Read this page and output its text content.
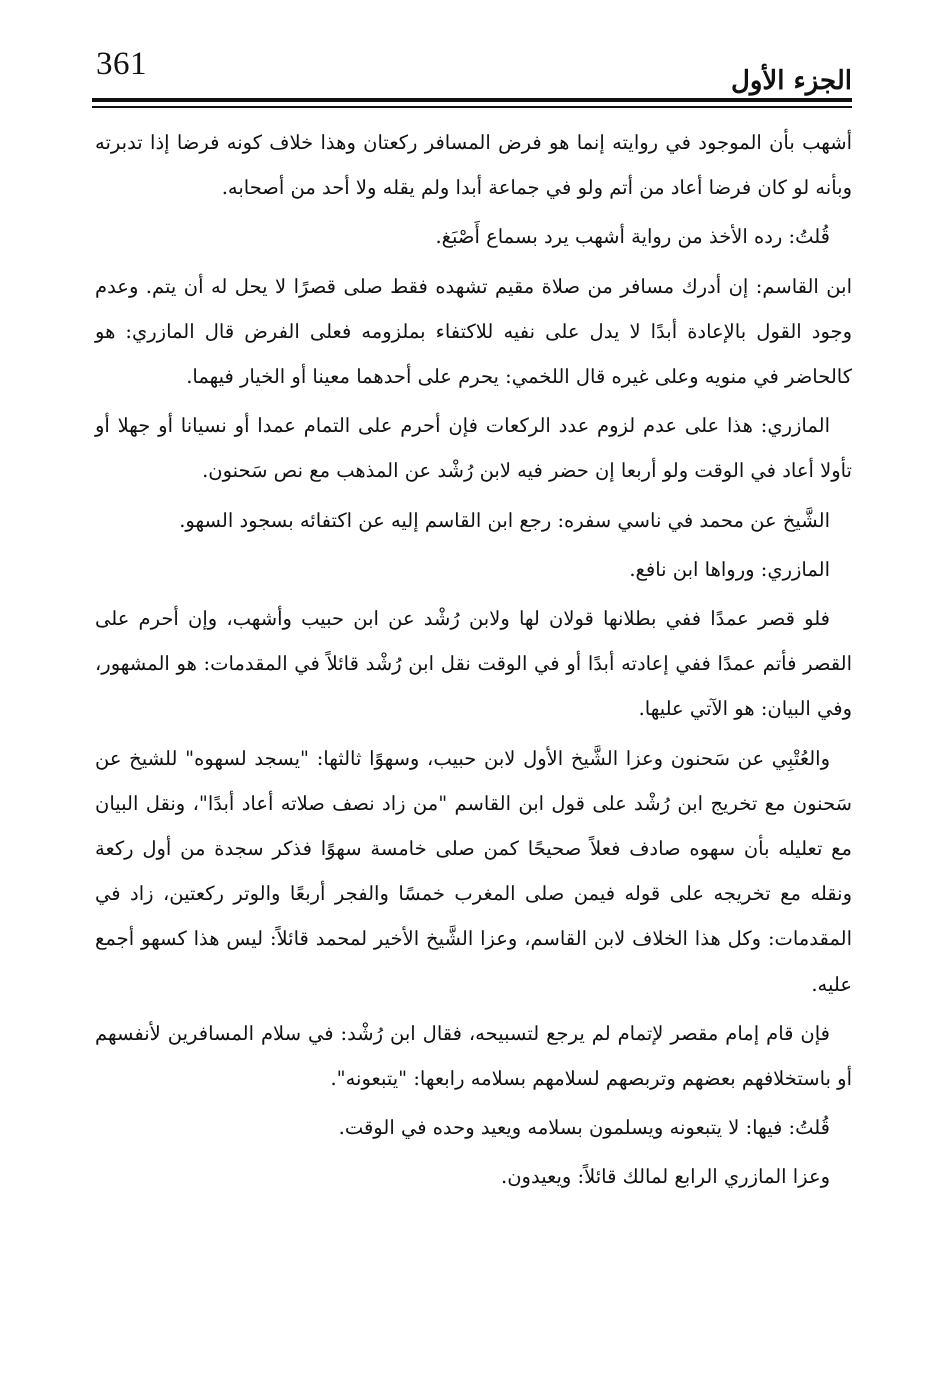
361	الجزء الأول

أشهب بأن الموجود في روايته إنما هو فرض المسافر ركعتان وهذا خلاف كونه فرضا إذا تدبرته وبأنه لو كان فرضا أعاد من أتم ولو في جماعة أبدا ولم يقله ولا أحد من أصحابه.

قُلتُ: رده الأخذ من رواية أشهب يرد بسماع أَصْبَغ.

ابن القاسم: إن أدرك مسافر من صلاة مقيم تشهده فقط صلى قصرًا لا يحل له أن يتم. وعدم وجود القول بالإعادة أبدًا لا يدل على نفيه للاكتفاء بملزومه فعلى الفرض قال المازري: هو كالحاضر في منويه وعلى غيره قال اللخمي: يحرم على أحدهما معينا أو الخيار فيهما.

المازري: هذا على عدم لزوم عدد الركعات فإن أحرم على التمام عمدا أو نسيانا أو جهلا أو تأولا أعاد في الوقت ولو أربعا إن حضر فيه لابن رُشْد عن المذهب مع نص سَحنون.

الشَّيخ عن محمد في ناسي سفره: رجع ابن القاسم إليه عن اكتفائه بسجود السهو.

المازري: ورواها ابن نافع.

فلو قصر عمدًا ففي بطلانها قولان لها ولابن رُشْد عن ابن حبيب وأشهب، وإن أحرم على القصر فأتم عمدًا ففي إعادته أبدًا أو في الوقت نقل ابن رُشْد قائلاً في المقدمات: هو المشهور، وفي البيان: هو الآتي عليها.

والعُتْبِي عن سَحنون وعزا الشَّيخ الأول لابن حبيب، وسهوًا ثالثها: "يسجد لسهوه" للشيخ عن سَحنون مع تخريج ابن رُشْد على قول ابن القاسم "من زاد نصف صلاته أعاد أبدًا"، ونقل البيان مع تعليله بأن سهوه صادف فعلاً صحيحًا كمن صلى خامسة سهوًا فذكر سجدة من أول ركعة ونقله مع تخريجه على قوله فيمن صلى المغرب خمسًا والفجر أربعًا والوتر ركعتين، زاد في المقدمات: وكل هذا الخلاف لابن القاسم، وعزا الشَّيخ الأخير لمحمد قائلاً: ليس هذا كسهو أجمع عليه.

فإن قام إمام مقصر لإتمام لم يرجع لتسبيحه، فقال ابن رُشْد: في سلام المسافرين لأنفسهم أو باستخلافهم بعضهم وتربصهم لسلامهم بسلامه رابعها: "يتبعونه".

قُلتُ: فيها: لا يتبعونه ويسلمون بسلامه ويعيد وحده في الوقت.

وعزا المازري الرابع لمالك قائلاً: ويعيدون.
